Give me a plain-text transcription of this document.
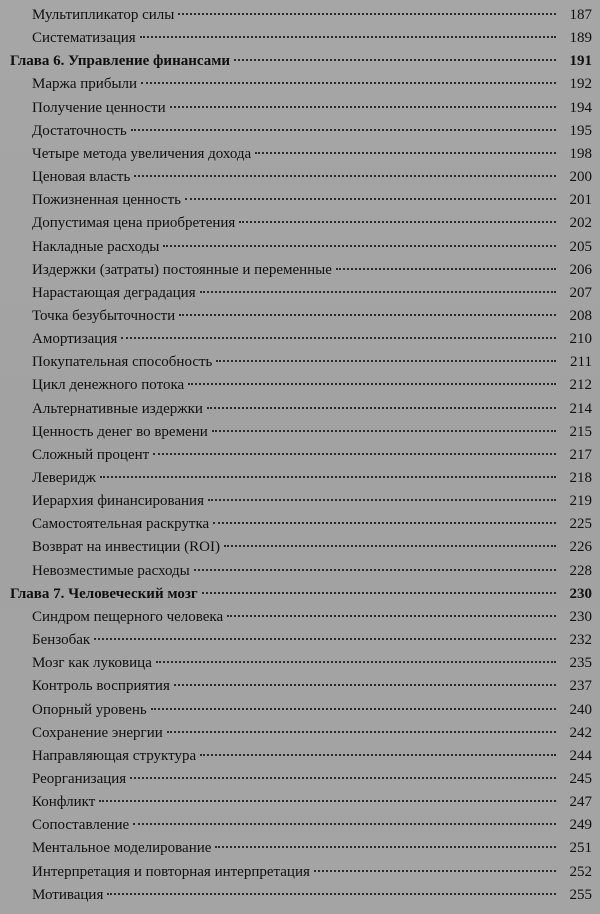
Мультипликатор силы	187
Систематизация	189
Глава 6. Управление финансами	191
Маржа прибыли	192
Получение ценности	194
Достаточность	195
Четыре метода увеличения дохода	198
Ценовая власть	200
Пожизненная ценность	201
Допустимая цена приобретения	202
Накладные расходы	205
Издержки (затраты) постоянные и переменные	206
Нарастающая деградация	207
Точка безубыточности	208
Амортизация	210
Покупательная способность	211
Цикл денежного потока	212
Альтернативные издержки	214
Ценность денег во времени	215
Сложный процент	217
Леверидж	218
Иерархия финансирования	219
Самостоятельная раскрутка	225
Возврат на инвестиции (ROI)	226
Невозместимые расходы	228
Глава 7. Человеческий мозг	230
Синдром пещерного человека	230
Бензобак	232
Мозг как луковица	235
Контроль восприятия	237
Опорный уровень	240
Сохранение энергии	242
Направляющая структура	244
Реорганизация	245
Конфликт	247
Сопоставление	249
Ментальное моделирование	251
Интерпретация и повторная интерпретация	252
Мотивация	255
